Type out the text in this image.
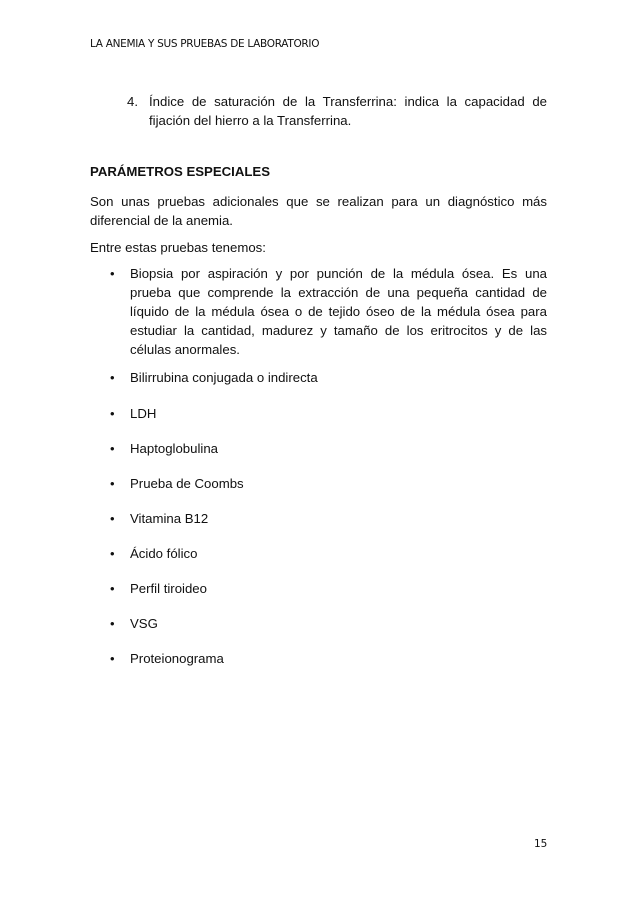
LA ANEMIA Y SUS PRUEBAS DE LABORATORIO
4. Índice de saturación de la Transferrina: indica la capacidad de fijación del hierro a la Transferrina.
PARÁMETROS ESPECIALES
Son unas pruebas adicionales que se realizan para un diagnóstico más diferencial de la anemia.
Entre estas pruebas tenemos:
• Biopsia por aspiración y por punción de la médula ósea. Es una prueba que comprende la extracción de una pequeña cantidad de líquido de la médula ósea o de tejido óseo de la médula ósea para estudiar la cantidad, madurez y tamaño de los eritrocitos y de las células anormales.
• Bilirrubina conjugada o indirecta
• LDH
• Haptoglobulina
• Prueba de Coombs
• Vitamina B12
• Ácido fólico
• Perfil tiroideo
• VSG
• Proteionograma
15
